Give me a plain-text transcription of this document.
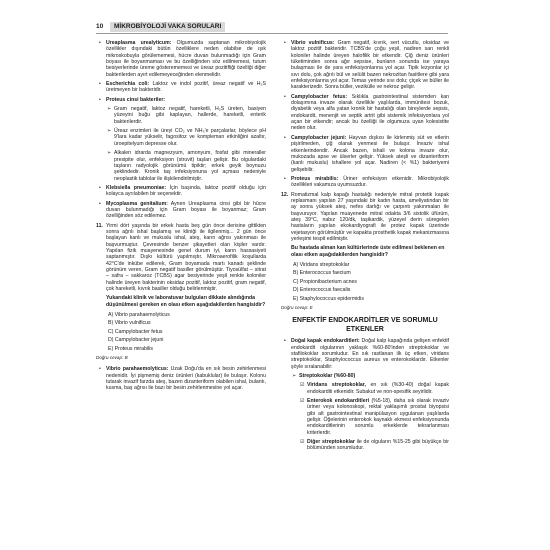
10	MİKROBİYOLOJİ VAKA SORULARI

• Ureaplasma urealyticum: Olgumuzda saptanan mikrobiyolojik özellikler dışındaki bütün özelliklere neden olabilse de ışık mikroskobuyla görülememesi, hücre duvarı bulunmadığı için Gram boyası ile boyanmaması ve bu özelliğinden söz edilmemesi, tutum besiyerlerinde üreme gösterememesi ve üreaz pozitifliği özelliği diğer bakterilerden ayırt edilemeyeceğinden elenmelidir.

• Escherichia coli: Laktoz ve indol pozitif, üreaz negatif ve H₂S üretmeyen bir bakteridir.

• Proteus cinsi bakteriler:

➢ Gram negatif, laktoz negatif, hareketli, H₂S üreten, basiyen yüzeyini buğu gibi kaplayan, hallerde, hareketli, enterik bakterilerdir.

➢ Üreaz enzimleri ile üreyi CO₂ ve NH₃'e parçalarlar, böylece pH 9'lara kadar yükselir, fagositoz ve kompleman etkinliğini azaltır, üroepitelyum depresse olur.

➢ Alkalen idrarda magnezyum, amonyum, fosfat gibi mineraller presipite olur, enfeksiyon (struvit) taşları gelişir. Bu olgulardaki taşların radyolojik görünümü tipiktir; erkek geyik boynuzu şeklindedir. Kronik taş infeksiyonuna yol açması nedeniyle neoplastik tablolar ile ilişkilendirilmiştir.

• Klebsiella pneumoniae: İçin başında, laktoz pozitif olduğu için kolayca ayrılabilen bir seçenektir.

• Mycoplasma genitalium: Aynen Ureaplasma cinsi gibi bir hücre duvarı bulunmadığı için Gram boyası ile boyanmaz; Gram özelliğinden söz edilemez.

11. Yirmi dört yaşında bir erkek hasta beş gün önce derisine gittikten sonra ağrılı ishal başlamış ve kliniği ile ilgilenmiş... 2 gün önce başlayan kanlı ve mukuslu ishal, ateş, karın ağrısı yakınması ile başvurmuştur. Çevresinde benzer şikayetleri olan kişiler vardır. Yapılan fizik muayenesinde genel durum iyi, karın hassasiyeti saptanmıştır. Dışkı kültürü yapılmıştır. Mikroaerofilik koşullarda 42°C'de inkübe edilerek, Gram boyamada martı kanadı şeklinde görünüm veren, Gram negatif basiller görülmüştür. Tiyosülfat – sitrat – safra – sakkaroz (TCBS) agar besiyerinde yeşil renkte koloniler halinde üreyen bakterinin oksidaz pozitif, laktoz pozitif, gram negatif, çok hareketli, kıvrık basiller olduğu belirlenmiştir.

Yukarıdaki klinik ve laboratuvar bulguları dikkate alındığında düşünülmesi gereken en olası etken aşağıdakilerden hangisidir?

A) Vibrio parahaemolyticus
B) Vibrio vulnificus
C) Campylobacter fetus
D) Campylobacter jejuni
E) Proteus mirabilis
Doğru cevap: B

• Vibrio parahaemolyticus: Uzak Doğu'da en sık besin zehirlenmesi nedenidir. İyi pişmemiş deniz ürünleri (kabuklular) ile bulaşır. Kolonu tutarak invazif farzda ateş, bazen dizanteriform olabilen ishal, bulantı, kusma, baş ağrısı ile bazı bir besin zehirlenmesine yol açar.

• Vibrio vulnificus: Gram negatif, kıvrık, sert vücutlu, oksidaz ve laktoz pozitif bakteridir. TCBS'de çoğu yeşil, nadiren sarı renkli koloniler halinde üreyen halofilik bir etkendir. Çiğ deniz ürünleri tüketiminden sonra ağır sepsise, bunların sonunda ise yaraya bulaşması ile de yara enfeksiyonlarına yol açar. Tipik lezyonlar içi sıvı dolu, çok ağrılı bül ve selülit bazen nekrozitan fasiitlere gibi yara enfeksiyonlarına yol açar. Temas yerinde sıvı dolu; çiçek ve büller ile karakterizedir. Sonra büller, vezikülle ve nekroz gelişir.

• Campylobacter fetus: Sıklıkla gastrointestinal sistemden kan dolaşımına invaze olarak özellikle yaşlılarda, immünitesi bozuk, diyabetik veya alfa yatan kronik bir hastalığı olan bireylerde sepsis, endokardit, menenjit ve septik artrit gibi sistemik infeksiyonlara yol açan bir etkendir; ancak bu özelliği ile olgumuza uyan kolesistite neden olur.

• Campylobacter jejuni: Hayvan dışkısı ile kirlenmiş süt ve etlerin pişirilmeden, çiğ olarak yenmesi ile bulaşır. İnvaziv ishal etkenlerindendir. Ancak bazen, ishali ve kolona invaze olur, mukozada apse ve ülserler gelişir. Yüksek ateşli ve dizanteriform (kanlı mukuslu) ishallere yol açar. Nadiren (< %1) bakteriyemi gelişebilir.

• Proteus mirabilis: Üriner enfeksiyon etkenidir. Mikrobiyolojik özellikleri vakamıza uyumsuzdur.

12. Romatizmal kalp kapağı hastalığı nedeniyle mitral protetik kapak replasmanı yapılan 27 yaşındaki bir kadın hasta, ameliyatından bir ay sonra yüksek ateş, nefes darlığı ve çarpıntı yakınmaları ile başvuruyor. Yapılan muayenede mitral odakta 3/6 sistolik üfürüm, ateş 39°C, nabız 120/dk, taşikardik, yüzeyel derin süregelen hastaların yapılan ekokardiyografi ile protez kapak üzerinde vejetasyon görülmüştür ve kapakta prosthetik kapak mekanizmasına yerleşimi tespit edilmiştir.

Bu hastada alınan kan kültürlerinde üste edilmesi beklenen en olası etken aşağıdakilerden hangisidir?

A) Viridans streptokoklar
B) Enterococcus faecium
C) Propionibacterium acnes
D) Enterococcus faecalis
E) Staphylococcus epidermidis
Doğru cevap: E
ENFEKTİF ENDOKARDİTLER VE SORUMLU
ETKENLER

• Doğal kapak endokarditleri: Doğal kalp kapağında gelişen enfektif endokardit olgularının yaklaşık %60-80'inden streptokoklar ve stafilokoklar sorumludur. En sık rastlanan ilk üç etken, viridans streptokoklar, Staphylococcus aureus ve enterokoklardır. Etkenler şöyle sıralanabilir:

➢ Streptokoklar (%60-80)

☑ Viridans streptokoklar, en sık (%30-40) doğal kapak endokarditi etkenidir. Subakut ve non-spesifik seyirlidir.

☑ Enterokok endokarditleri (%5-18), daha sık olarak invaziv üriner veya kolonoskopi, rektal yaklaşımlı prostat biyopsisi gibi alt gastrointestinal manipülasyon uygulanan yaşlılarda gelişir. Öğelerinin enterokok kaynaklı ekmesi enfeksiyonunda endokarditlerinin sorumlu erkeklerde tekrarlanması kriterlerdir.

☑ Diğer streptokoklar ile de olguların %15-25 gibi büyükçe bir bölümünden sorumludur.
